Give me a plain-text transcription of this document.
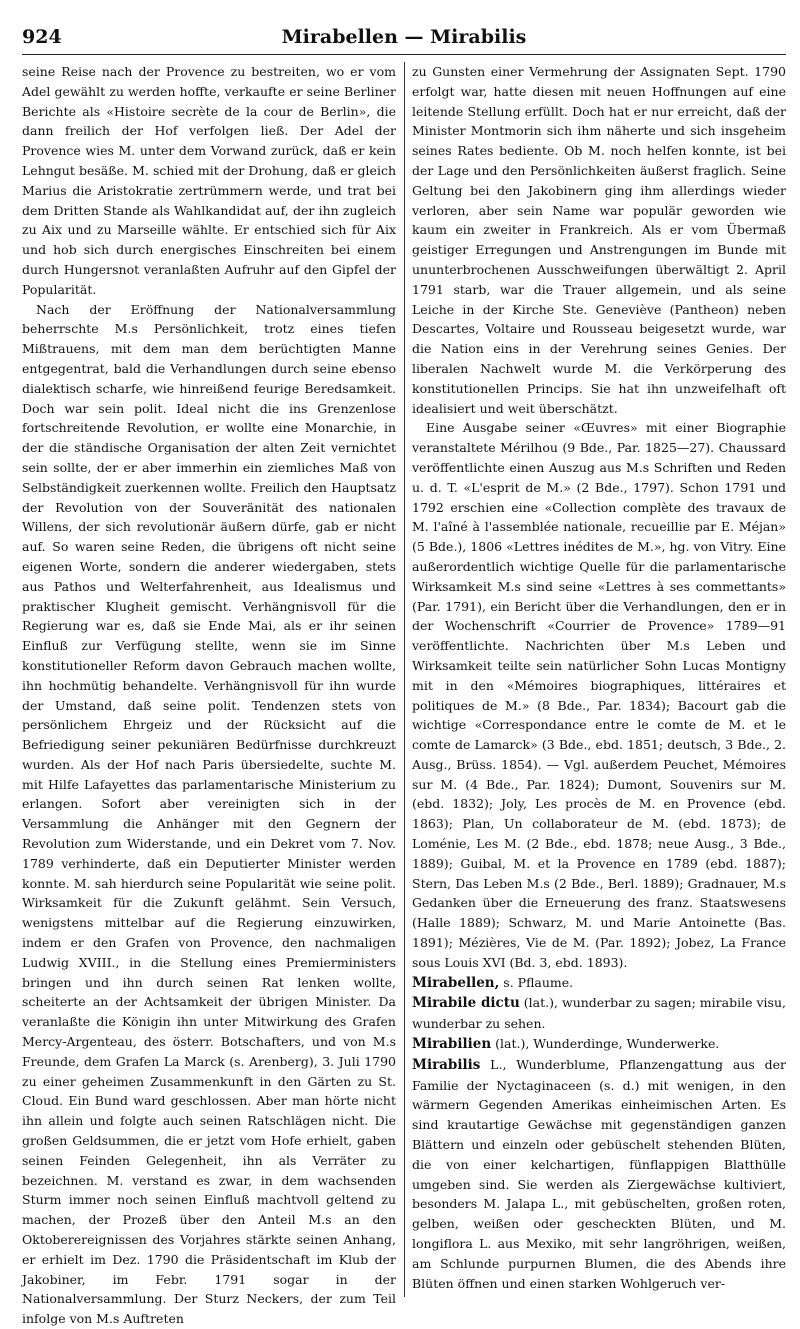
924	Mirabellen — Mirabilis

seine Reise nach der Provence zu bestreiten, wo er vom Adel gewählt zu werden hoffte, verkaufte er seine Berliner Berichte als «Histoire secrète de la cour de Berlin», die dann freilich der Hof verfolgen ließ. Der Adel der Provence wies M. unter dem Vorwand zurück, daß er kein Lehngut besäße. M. schied mit der Drohung, daß er gleich Marius die Aristokratie zertrümmern werde, und trat bei dem Dritten Stande als Wahlkandidat auf, der ihn zugleich zu Aix und zu Marseille wählte. Er entschied sich für Aix und hob sich durch energisches Einschreiten bei einem durch Hungersnot veranlaßten Aufruhr auf den Gipfel der Popularität.

Nach der Eröffnung der Nationalversammlung beherrschte M.s Persönlichkeit, trotz eines tiefen Mißtrauens, mit dem man dem berüchtigten Manne entgegentrat, bald die Verhandlungen durch seine ebenso dialektisch scharfe, wie hinreißend feurige Beredsamkeit. Doch war sein polit. Ideal nicht die ins Grenzenlose fortschreitende Revolution, er wollte eine Monarchie, in der die ständische Organisation der alten Zeit vernichtet sein sollte, der er aber immerhin ein ziemliches Maß von Selbständigkeit zuerkennen wollte. Freilich den Hauptsatz der Revolution von der Souveränität des nationalen Willens, der sich revolutionär äußern dürfe, gab er nicht auf. So waren seine Reden, die übrigens oft nicht seine eigenen Worte, sondern die anderer wiedergaben, stets aus Pathos und Welterfahrenheit, aus Idealismus und praktischer Klugheit gemischt. Verhängnisvoll für die Regierung war es, daß sie Ende Mai, als er ihr seinen Einfluß zur Verfügung stellte, wenn sie im Sinne konstitutioneller Reform davon Gebrauch machen wollte, ihn hochmütig behandelte. Verhängnisvoll für ihn wurde der Umstand, daß seine polit. Tendenzen stets von persönlichem Ehrgeiz und der Rücksicht auf die Befriedigung seiner pekuniären Bedürfnisse durchkreuzt wurden. Als der Hof nach Paris übersiedelte, suchte M. mit Hilfe Lafayettes das parlamentarische Ministerium zu erlangen. Sofort aber vereinigten sich in der Versammlung die Anhänger mit den Gegnern der Revolution zum Widerstande, und ein Dekret vom 7. Nov. 1789 verhinderte, daß ein Deputierter Minister werden konnte. M. sah hierdurch seine Popularität wie seine polit. Wirksamkeit für die Zukunft gelähmt. Sein Versuch, wenigstens mittelbar auf die Regierung einzuwirken, indem er den Grafen von Provence, den nachmaligen Ludwig XVIII., in die Stellung eines Premierministers bringen und ihn durch seinen Rat lenken wollte, scheiterte an der Achtsamkeit der übrigen Minister. Da veranlaßte die Königin ihn unter Mitwirkung des Grafen Mercy-Argenteau, des österr. Botschafters, und von M.s Freunde, dem Grafen La Marck (s. Arenberg), 3. Juli 1790 zu einer geheimen Zusammenkunft in den Gärten zu St. Cloud. Ein Bund ward geschlossen. Aber man hörte nicht ihn allein und folgte auch seinen Ratschlägen nicht. Die großen Geldsummen, die er jetzt vom Hofe erhielt, gaben seinen Feinden Gelegenheit, ihn als Verräter zu bezeichnen. M. verstand es zwar, in dem wachsenden Sturm immer noch seinen Einfluß machtvoll geltend zu machen, der Prozeß über den Anteil M.s an den Oktoberereignissen des Vorjahres stärkte seinen Anhang, er erhielt im Dez. 1790 die Präsidentschaft im Klub der Jakobiner, im Febr. 1791 sogar in der Nationalversammlung. Der Sturz Neckers, der zum Teil infolge von M.s Auftreten

zu Gunsten einer Vermehrung der Assignaten Sept. 1790 erfolgt war, hatte diesen mit neuen Hoffnungen auf eine leitende Stellung erfüllt. Doch hat er nur erreicht, daß der Minister Montmorin sich ihm näherte und sich insgeheim seines Rates bediente. Ob M. noch helfen konnte, ist bei der Lage und den Persönlichkeiten äußerst fraglich. Seine Geltung bei den Jakobinern ging ihm allerdings wieder verloren, aber sein Name war populär geworden wie kaum ein zweiter in Frankreich. Als er vom Übermaß geistiger Erregungen und Anstrengungen im Bunde mit ununterbrochenen Ausschweifungen überwältigt 2. April 1791 starb, war die Trauer allgemein, und als seine Leiche in der Kirche Ste. Geneviève (Pantheon) neben Descartes, Voltaire und Rousseau beigesetzt wurde, war die Nation eins in der Verehrung seines Genies. Der liberalen Nachwelt wurde M. die Verkörperung des konstitutionellen Princips. Sie hat ihn unzweifelhaft oft idealisiert und weit überschätzt.

Eine Ausgabe seiner «Œuvres» mit einer Biographie veranstaltete Mérilhou (9 Bde., Par. 1825—27). Chaussard veröffentlichte einen Auszug aus M.s Schriften und Reden u. d. T. «L'esprit de M.» (2 Bde., 1797). Schon 1791 und 1792 erschien eine «Collection complète des travaux de M. l'aîné à l'assemblée nationale, recueillie par E. Méjan» (5 Bde.), 1806 «Lettres inédites de M.», hg. von Vitry. Eine außerordentlich wichtige Quelle für die parlamentarische Wirksamkeit M.s sind seine «Lettres à ses commettants» (Par. 1791), ein Bericht über die Verhandlungen, den er in der Wochenschrift «Courrier de Provence» 1789—91 veröffentlichte. Nachrichten über M.s Leben und Wirksamkeit teilte sein natürlicher Sohn Lucas Montigny mit in den «Mémoires biographiques, littéraires et politiques de M.» (8 Bde., Par. 1834); Bacourt gab die wichtige «Correspondance entre le comte de M. et le comte de Lamarck» (3 Bde., ebd. 1851; deutsch, 3 Bde., 2. Ausg., Brüss. 1854). — Vgl. außerdem Peuchet, Mémoires sur M. (4 Bde., Par. 1824); Dumont, Souvenirs sur M. (ebd. 1832); Joly, Les procès de M. en Provence (ebd. 1863); Plan, Un collaborateur de M. (ebd. 1873); de Loménie, Les M. (2 Bde., ebd. 1878; neue Ausg., 3 Bde., 1889); Guibal, M. et la Provence en 1789 (ebd. 1887); Stern, Das Leben M.s (2 Bde., Berl. 1889); Gradnauer, M.s Gedanken über die Erneuerung des franz. Staatswesens (Halle 1889); Schwarz, M. und Marie Antoinette (Bas. 1891); Mézières, Vie de M. (Par. 1892); Jobez, La France sous Louis XVI (Bd. 3, ebd. 1893).

Mirabellen, s. Pflaume.

Mirabile dictu (lat.), wunderbar zu sagen; mirabile visu, wunderbar zu sehen.

Mirabilien (lat.), Wunderdinge, Wunderwerke.

Mirabilis L., Wunderblume, Pflanzengattung aus der Familie der Nyctaginaceen (s. d.) mit wenigen, in den wärmern Gegenden Amerikas einheimischen Arten. Es sind krautartige Gewächse mit gegenständigen ganzen Blättern und einzeln oder gebüschelt stehenden Blüten, die von einer kelchartigen, fünflappigen Blatthülle umgeben sind. Sie werden als Ziergewächse kultiviert, besonders M. Jalapa L., mit gebüschelten, großen roten, gelben, weißen oder gescheckten Blüten, und M. longiflora L. aus Mexiko, mit sehr langröhrigen, weißen, am Schlunde purpurnen Blumen, die des Abends ihre Blüten öffnen und einen starken Wohlgeruch ver-
